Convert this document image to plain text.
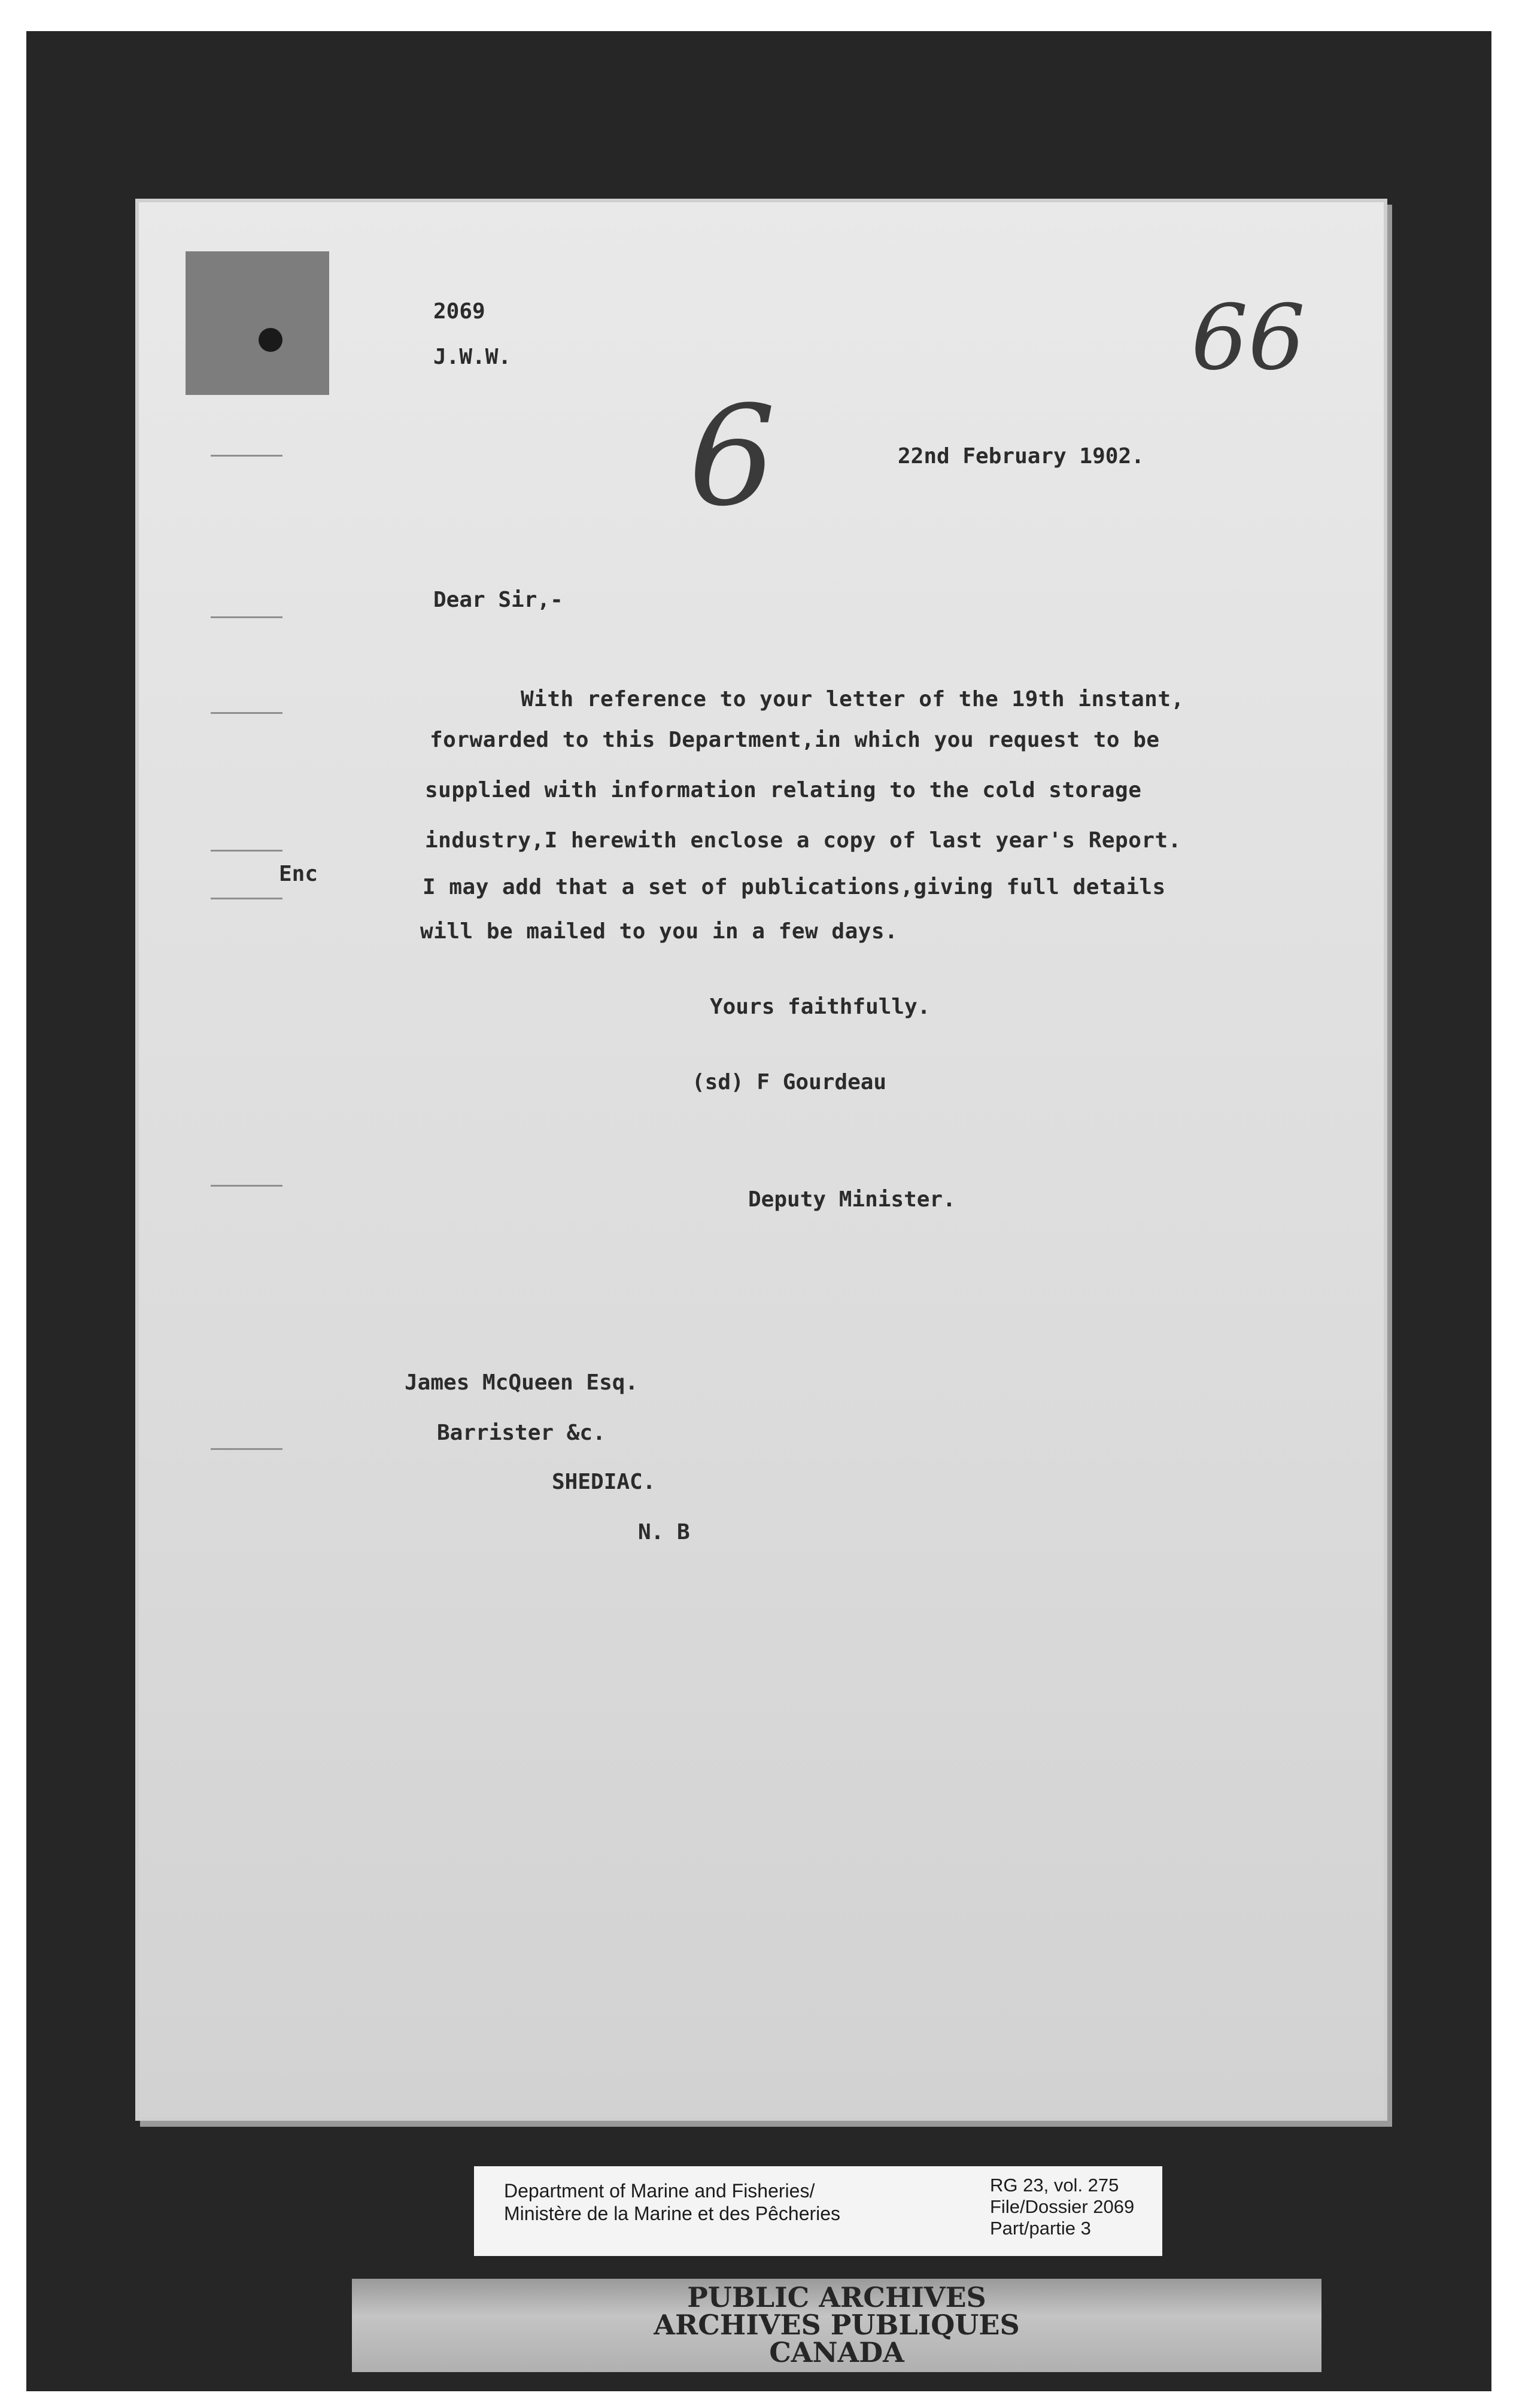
2069
J.W.W.	66
6	22nd February 1902.
Dear Sir,-
With reference to your letter of the 19th instant,
forwarded to this Department,in which you request to be
supplied with information relating to the cold storage
industry,I herewith enclose a copy of last year's Report.
I may add that a set of publications,giving full details
will be mailed to you in a few days.
Enc
Yours faithfully.
(sd) F Gourdeau
Deputy Minister.
James McQueen Esq.
Barrister &c.
SHEDIAC.
N. B
Department of Marine and Fisheries/
Ministère de la Marine et des Pêcheries
RG 23, vol. 275
File/Dossier 2069
Part/partie 3
PUBLIC ARCHIVES
ARCHIVES PUBLIQUES
CANADA
